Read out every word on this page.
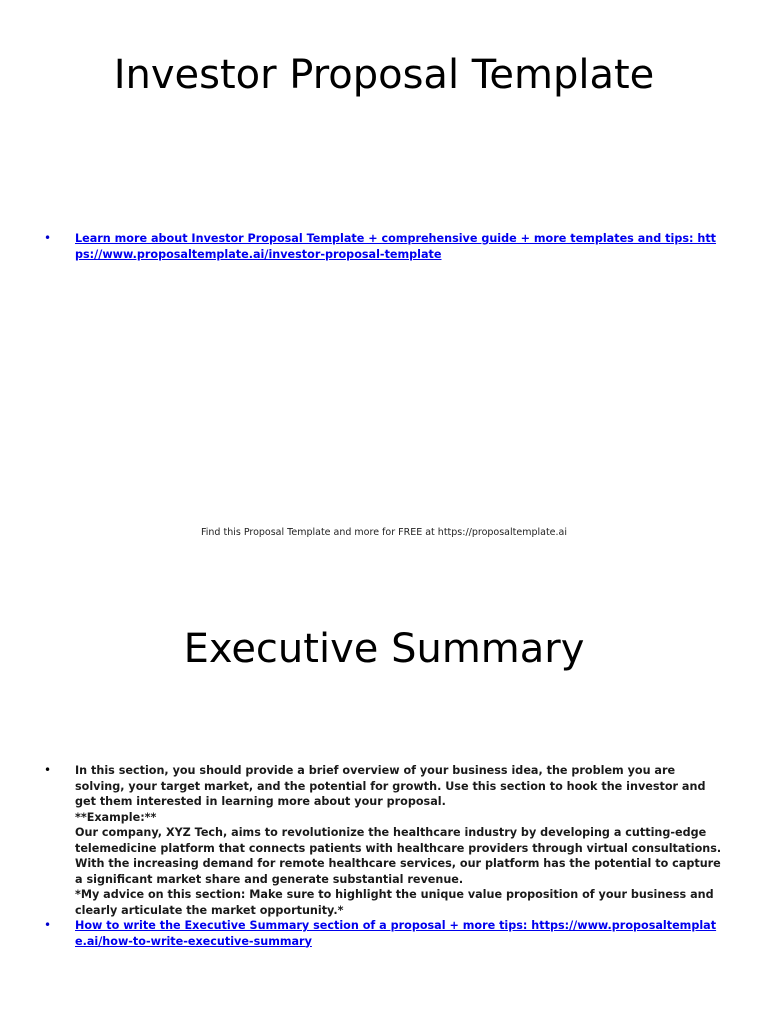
Investor Proposal Template
• Learn more about Investor Proposal Template + comprehensive guide + more templates and tips: https://www.proposaltemplate.ai/investor-proposal-template
Find this Proposal Template and more for FREE at https://proposaltemplate.ai
Executive Summary
• In this section, you should provide a brief overview of your business idea, the problem you are solving, your target market, and the potential for growth. Use this section to hook the investor and get them interested in learning more about your proposal.
**Example:**
Our company, XYZ Tech, aims to revolutionize the healthcare industry by developing a cutting-edge telemedicine platform that connects patients with healthcare providers through virtual consultations. With the increasing demand for remote healthcare services, our platform has the potential to capture a significant market share and generate substantial revenue.
*My advice on this section: Make sure to highlight the unique value proposition of your business and clearly articulate the market opportunity.*
• How to write the Executive Summary section of a proposal + more tips: https://www.proposaltemplate.ai/how-to-write-executive-summary
